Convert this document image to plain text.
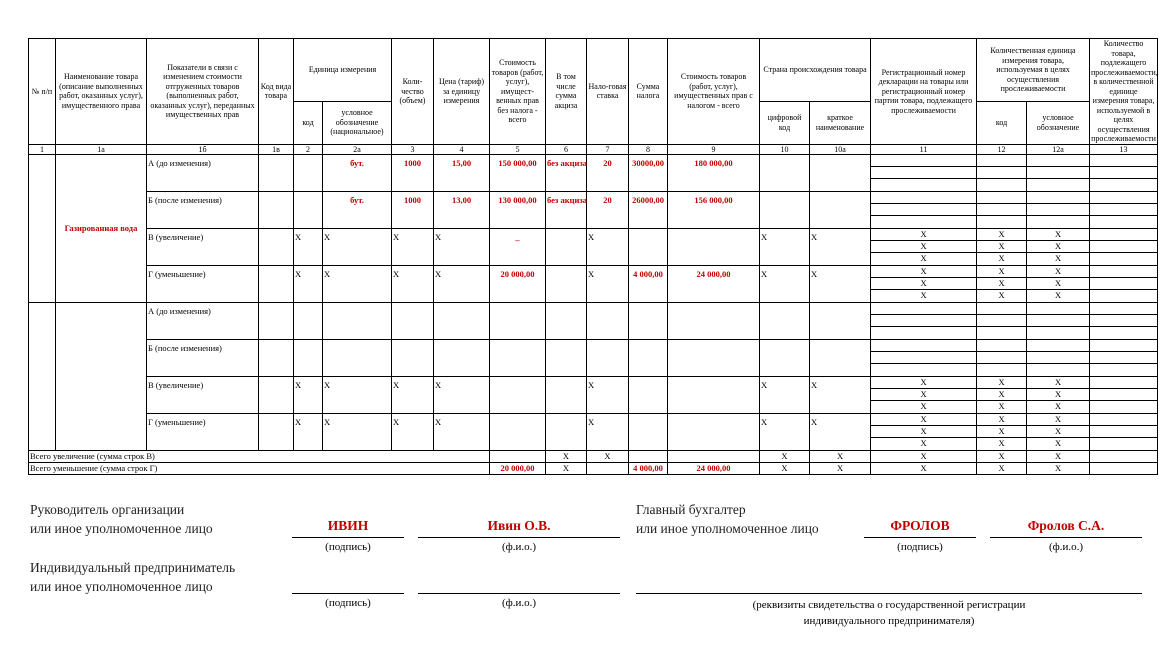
№ п/п	Наименование товара (описание выполненных работ, оказанных услуг), имущественного права	Показатели в связи с изменением стоимости отгруженных товаров (выполненных работ, оказанных услуг), переданных имущественных прав	Код вида товара	Единица измерения		Коли-чество (объем)	Цена (тариф) за единицу измерения	Стоимость товаров (работ, услуг), имущест-венных прав без налога - всего	В том числе сумма акциза	Нало-говая ставка	Сумма налога	Стоимость товаров (работ, услуг), имущественных прав с налогом - всего	Страна происхождения товара		Регистрационный номер декларации на товары или регистрационный номер партии товара, подлежащего прослеживаемости	Количественная единица измерения товара, используемая в целях осуществления прослеживаемости		Количество товара, подлежащего прослеживаемости, в количественной единице измерения товара, используемой в целях осуществления прослеживаемости
				код	условное обозначение (национальное)								цифровой код	краткое наименование		код	условное обозначение	
1	1а	1б	1в	2	2а	3	4	5	6	7	8	9	10	10а	11	12	12а	13
	Газированная вода	А (до изменения)			бут.	1000	15,00	150 000,00	без акциза	20	30000,00	180 000,00						

		Б (после изменения)			бут.	1000	13,00	130 000,00	без акциза	20	26000,00	156 000,00						

		В (увеличение)		X	X	X	X	_		X			X	X	X	X	X	
															X	X	X	
															X	X	X	
		Г (уменьшение)		X	X	X	X	20 000,00		X	4 000,00	24 000,00	X	X	X	X	X	
															X	X	X	
															X	X	X	
		А (до изменения)																

		Б (после изменения)																

		В (увеличение)		X	X	X	X			X			X	X	X	X	X	
															X	X	X	
															X	X	X	
		Г (уменьшение)		X	X	X	X			X			X	X	X	X	X	
															X	X	X	
															X	X	X	
Всего увеличение (сумма строк В)									X	X			X	X	X	X	X	
Всего уменьшение (сумма строк Г)								20 000,00	X		4 000,00	24 000,00	X	X	X	X	X	
Руководитель организации
или иное уполномоченное лицо	ИВИН
(подпись)
Ивин О.В.
(ф.и.о.)
Главный бухгалтер
или иное уполномоченное лицо	ФРОЛОВ
(подпись)
Фролов С.А.
(ф.и.о.)
Индивидуальный предприниматель
или иное уполномоченное лицо
(подпись)	(ф.и.о.)	(реквизиты свидетельства о государственной регистрации
индивидуального предпринимателя)
